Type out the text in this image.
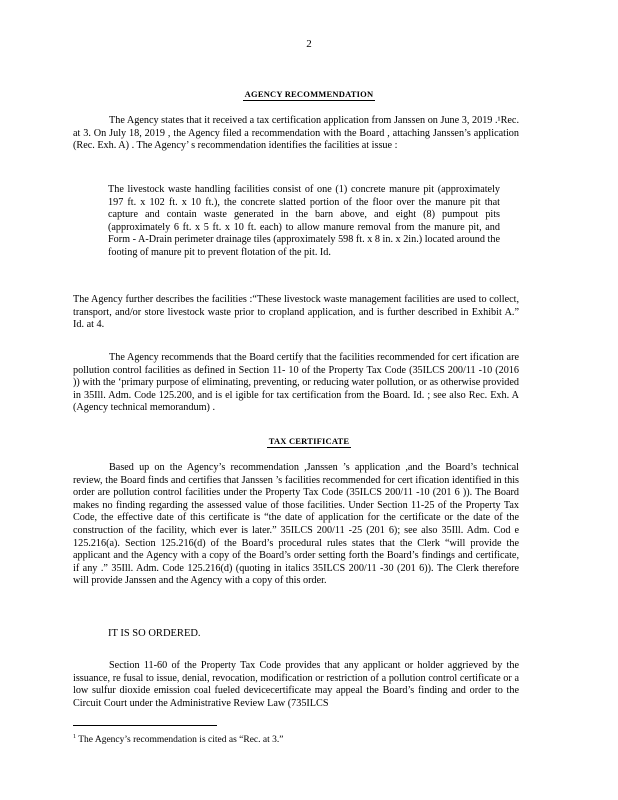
2
AGENCY RECOMMENDATION

The Agency states that it received a tax certification application from Janssen on June 3, 2019 .¹Rec. at 3. On July 18, 2019 , the Agency filed a recommendation with the Board , attaching Janssen’s application (Rec. Exh. A) . The Agency’ s recommendation identifies the facilities at issue :

The livestock waste handling facilities consist of one (1) concrete manure pit (approximately 197 ft. x 102 ft. x 10 ft.), the concrete slatted portion of the floor over the manure pit that capture and contain waste generated in the barn above, and eight (8) pumpout pits (approximately 6 ft. x 5 ft. x 10 ft. each) to allow manure removal from the manure pit, and Form - A-Drain perimeter drainage tiles (approximately 598 ft. x 8 in. x 2in.) located around the footing of manure pit to prevent flotation of the pit. Id.

The Agency further describes the facilities :“These livestock waste management facilities are used to collect, transport, and/or store livestock waste prior to cropland application, and is further described in Exhibit A.” Id. at 4.

The Agency recommends that the Board certify that the facilities recommended for cert ification are pollution control facilities as defined in Section 11- 10 of the Property Tax Code (35ILCS 200/11 -10 (2016 )) with the ‘primary purpose of eliminating, preventing, or reducing water pollution, or as otherwise provided in 35Ill. Adm. Code 125.200, and is el igible for tax certification from the Board. Id. ; see also Rec. Exh. A (Agency technical memorandum) .

TAX CERTIFICATE

Based up on the Agency’s recommendation ,Janssen ’s application ,and the Board’s technical review, the Board finds and certifies that Janssen ’s facilities recommended for cert ification identified in this order are pollution control facilities under the Property Tax Code (35ILCS 200/11 -10 (201 6 )). The Board makes no finding regarding the assessed value of those facilities. Under Section 11-25 of the Property Tax Code, the effective date of this certificate is “the date of application for the certificate or the date of the construction of the facility, which ever is later.” 35ILCS 200/11 -25 (201 6); see also 35Ill. Adm. Cod e 125.216(a). Section 125.216(d) of the Board’s procedural rules states that the Clerk “will provide the applicant and the Agency with a copy of the Board’s order setting forth the Board’s findings and certificate, if any .” 35Ill. Adm. Code 125.216(d) (quoting in italics 35ILCS 200/11 -30 (201 6)). The Clerk therefore will provide Janssen and the Agency with a copy of this order.

IT IS SO ORDERED.

Section 11-60 of the Property Tax Code provides that any applicant or holder aggrieved by the issuance, re fusal to issue, denial, revocation, modification or restriction of a pollution control certificate or a low sulfur dioxide emission coal fueled devicecertificate may appeal the Board’s finding and order to the Circuit Court under the Administrative Review Law (735ILCS

$^1$ The Agency’s recommendation is cited as “Rec. at 3.”
